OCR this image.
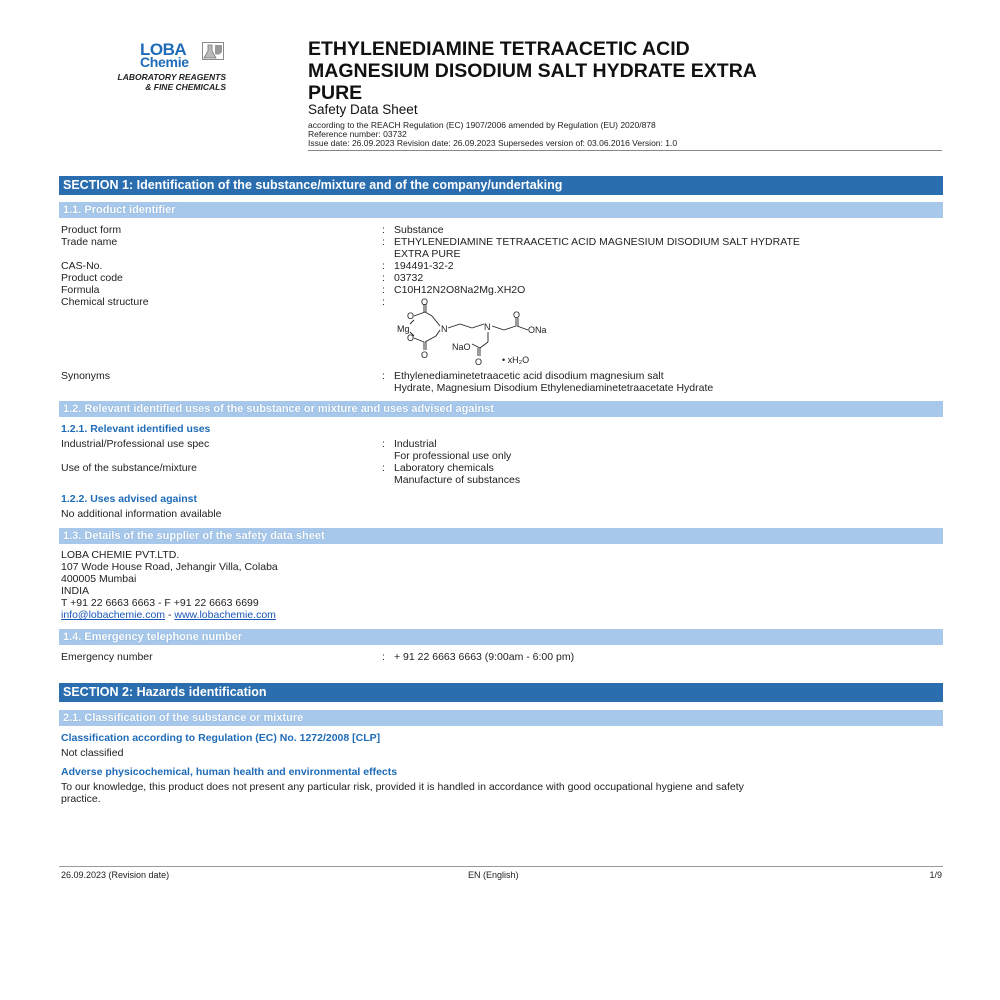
LOBA
Chemie
LABORATORY REAGENTS
& FINE CHEMICALS
ETHYLENEDIAMINE TETRAACETIC ACID
MAGNESIUM DISODIUM SALT HYDRATE EXTRA
PURE
Safety Data Sheet
according to the REACH Regulation (EC) 1907/2006 amended by Regulation (EU) 2020/878
Reference number: 03732
Issue date: 26.09.2023 Revision date: 26.09.2023 Supersedes version of: 03.06.2016 Version: 1.0
SECTION 1: Identification of the substance/mixture and of the company/undertaking
1.1. Product identifier
Product form	: Substance
Trade name	: ETHYLENEDIAMINE TETRAACETIC ACID MAGNESIUM DISODIUM SALT HYDRATE
EXTRA PURE
CAS-No.	: 194491-32-2
Product code	: 03732
Formula	: C10H12N2O8Na2Mg.XH2O
Chemical structure	:	O
O
Mg
O
O
N	N
O
ONa
NaO
O • xH₂O
Synonyms	: Ethylenediaminetetraacetic acid disodium magnesium salt
Hydrate, Magnesium Disodium Ethylenediaminetetraacetate Hydrate
1.2. Relevant identified uses of the substance or mixture and uses advised against
1.2.1. Relevant identified uses
Industrial/Professional use spec	: Industrial
For professional use only
Use of the substance/mixture	: Laboratory chemicals
Manufacture of substances
1.2.2. Uses advised against
No additional information available
1.3. Details of the supplier of the safety data sheet
LOBA CHEMIE PVT.LTD.
107 Wode House Road, Jehangir Villa, Colaba
400005 Mumbai
INDIA
T +91 22 6663 6663 - F +91 22 6663 6699
info@lobachemie.com - www.lobachemie.com
1.4. Emergency telephone number
Emergency number	: + 91 22 6663 6663 (9:00am - 6:00 pm)
SECTION 2: Hazards identification
2.1. Classification of the substance or mixture
Classification according to Regulation (EC) No. 1272/2008 [CLP]
Not classified
Adverse physicochemical, human health and environmental effects
To our knowledge, this product does not present any particular risk, provided it is handled in accordance with good occupational hygiene and safety
practice.
26.09.2023 (Revision date)	EN (English)	1/9
